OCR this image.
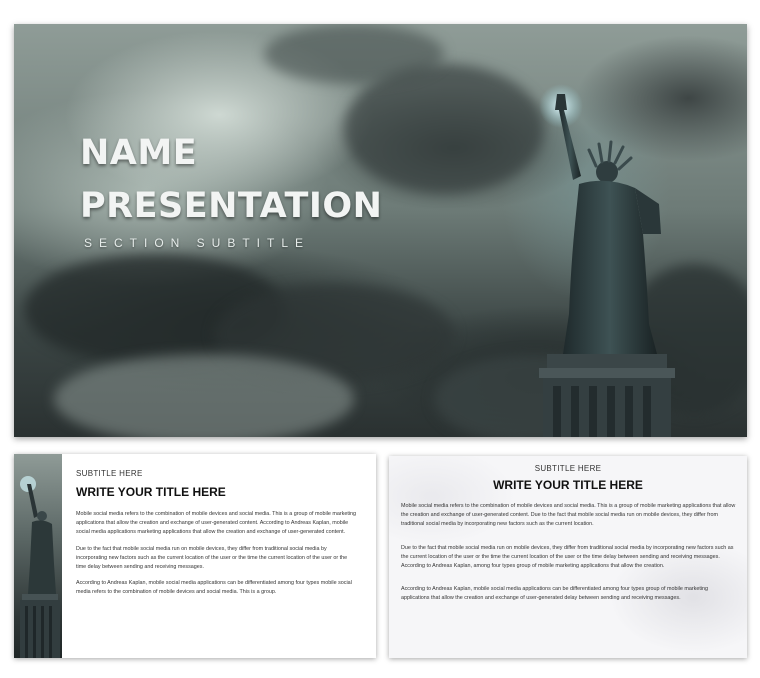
NAME
PRESENTATION
SECTION SUBTITLE
SUBTITLE HERE
WRITE YOUR TITLE HERE

Mobile social media refers to the combination of mobile devices and social media. This is a group of mobile marketing applications that allow the creation and exchange of user-generated content. According to Andreas Kaplan, mobile social media applications marketing applications that allow the creation and exchange of user-generated content.

Due to the fact that mobile social media run on mobile devices, they differ from traditional social media by incorporating new factors such as the current location of the user or the time the current location of the user or the time delay between sending and receiving messages.

According to Andreas Kaplan, mobile social media applications can be differentiated among four types mobile social media refers to the combination of mobile devices and social media. This is a group.

SUBTITLE HERE
WRITE YOUR TITLE HERE

Mobile social media refers to the combination of mobile devices and social media. This is a group of mobile marketing applications that allow the creation and exchange of user-generated content. Due to the fact that mobile social media run on mobile devices, they differ from traditional social media by incorporating new factors such as the current location.

Due to the fact that mobile social media run on mobile devices, they differ from traditional social media by incorporating new factors such as the current location of the user or the time the current location of the user or the time delay between sending and receiving messages. According to Andreas Kaplan, among four types group of mobile marketing applications that allow the creation.

According to Andreas Kaplan, mobile social media applications can be differentiated among four types group of mobile marketing applications that allow the creation and exchange of user-generated delay between sending and receiving messages.
